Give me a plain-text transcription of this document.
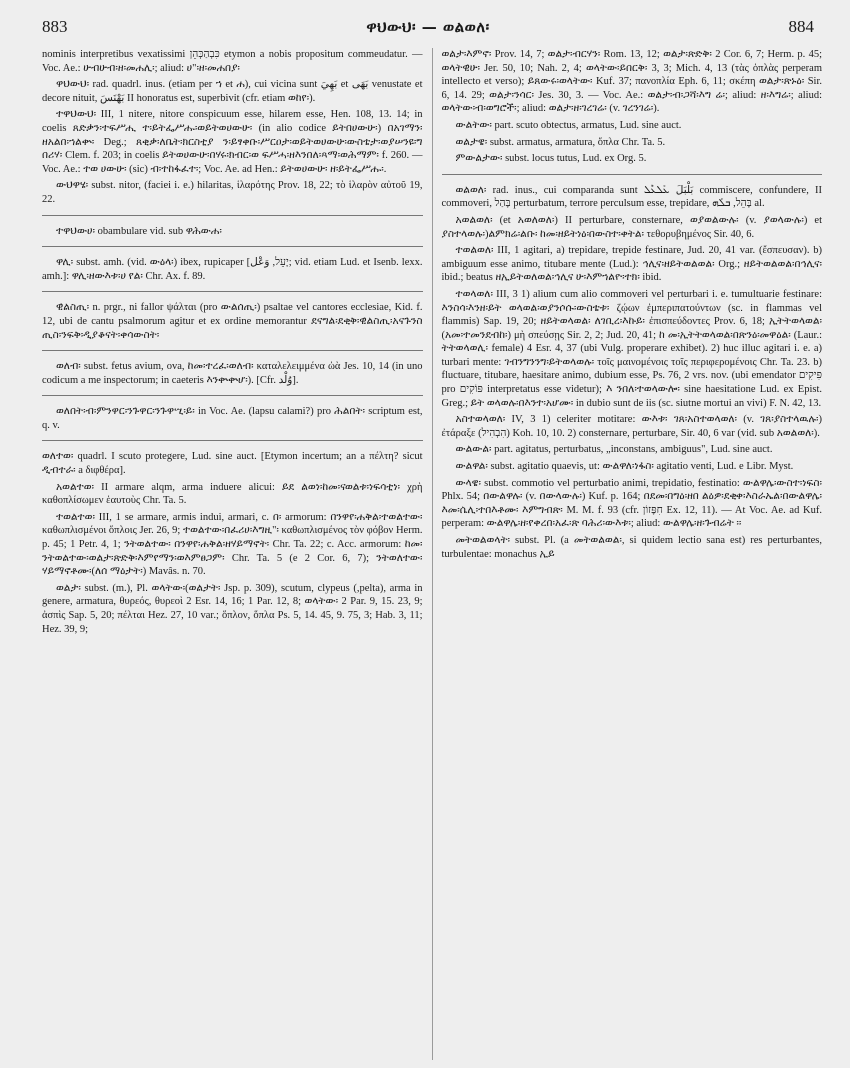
883	ዋህውህ፡ — ወልወለ፡	884

nominis interpretibus vexatissimi כִּבְהַכְּהֵן etymon a nobis propositum commeudatur. — Voc. Ae.: ሁብሁብ፡ዘ፡መሐሊ፡; aliud: ሀ"፡ዘ፡መሐበያ፡

ዋህውህ፡ rad. quadrl. inus. (etiam per ኀ et ሐ), cui vicina sunt بَهِيَ et بَهَى venustate et decore nituit, بَهْنَسَ II honoratus est, superbivit (cfr. etiam ወከየ፡).

ተዋህውህ፡ III, 1 nitere, nitore conspicuum esse, hilarem esse, Hen. 108, 13. 14; in coelis ጸድቃን፡ተፍሥሒ ተ፡ይትፌሥሑ፡ወይትወሀውሁ፡ (in alio codice ይትበሀውሁ፡) በአገማን፡ዘአልበ፡ኀልቍ፡ Deg.; ጸቂቃ፡ለቤት፡ክርስቲያ ን፡ይፃቀቡ፡ሥርዐታ፡ወይትወሀውሁ፡ውስቴታ፡ወያሠንዩ፡ግ በሪሃ፡ Clem. f. 203; in coelis ይትወሀውሁ፡በሃሩ፡ክብር፡ወ ፍሥሓ፡ዘእንበለ፡ጻማ፡ወሕማም፡ f. 260. — Voc. Ae.: ተወ ሀውሁ፡ (sic) ብ፡ተከፋፈተ፡; Voc. Ae. ad Hen.: ይትወሀውሁ፡ ዘ፡ይትፌሥሑ፡.

ውህዋሄ፡ subst. nitor, (faciei i. e.) hilaritas, ἱλαρότης Prov. 18, 22; τὸ ἱλαρὸν αὐτοῦ 19, 22.

ተዋህውሀ፡ obambulare vid. sub ዋሕውሐ፡

ዋሊ፡ subst. amh. (vid. ውዕላ፡) ibex, rupicaper [יָעֵל, وَعْل; vid. etiam Lud. et Isenb. lexx. amh.]: ዋሊ፡ዘውእቱ፡ሀ የል፡ Chr. Ax. f. 89.

ዊልስጢ፡ n. prgr., ni fallor ψάλται (pro ውልሰጢ፡) psaltae vel cantores ecclesiae, Kid. f. 12, ubi de cantu psalmorum agitur et ex ordine memorantur ደናግል፡ደቂቅ፡ዊልስጢ፡አናጉንስ ጢስ፡ንፍቅ፡ዲያቆናት፡ቀሳውስት፡

ወለብ፡ subst. fetus avium, ova, ከመ፡ተረፈ፡ወለብ፡ καταλελειμμένα ὠὰ Jes. 10, 14 (in uno codicum a me inspectorum; in caeteris እንቍቍሆ፡). [Cfr. وُلْد].

ወለበት፡ብ፡ምንዋር፡ንጉዋር፡ንጉዋሢ፡ይ፡ in Voc. Ae. (lapsu calami?) pro ሕልበት፡ scriptum est, q. v.

ወለተወ፡ quadrl. I scuto protegere, Lud. sine auct. [Etymon incertum; an a πέλτη? sicut ዲብተራ፡ a διφθέρα].

አወልተወ፡ II armare alqm, arma induere alicui: ይደ ልወነ፡ከመ፡ናወልቱ፡ነፍሳቲነ፡ χρὴ καθοπλίσωμεν ἑαυτοὺς Chr. Ta. 5.

ተወልተወ፡ III, 1 se armare, armis indui, armari, c. በ፡ armorum: በንዋየ፡ሐቅል፡ተወልተው፡ καθωπλισμένοι ὅπλοις Jer. 26, 9; ተወልተው፡በፈሪሀ፡እግዚ"፡ καθωπλισμένος τὸν φόβον Herm. p. 45; 1 Petr. 4, 1; ንትወልተው፡ በንዋየ፡ሐቅል፡ዘሃይማኖት፡ Chr. Ta. 22; c. Acc. armorum: ከመ፡ንትወልተው፡ወልታ፡ጽድቅ፡እምየማን፡ወእምፀጋም፡ Chr. Ta. 5 (e 2 Cor. 6, 7); ንትወለተው፡ሃይማኖቶሙ፡(ለሰ ማዕታት፡) Mavâs. n. 70.

ወልታ፡ subst. (m.), Pl. ወላትው፡(ወልታት፡ Jsp. p. 309), scutum, clypeus (,pelta), arma in genere, armatura, θυρεός, θυρεοὶ 2 Esr. 14, 16; 1 Par. 12, 8; ወላትው፡ 2 Par. 9, 15. 23, 9; ἀσπὶς Sap. 5, 20; πέλται Hez. 27, 10 var.; ὅπλον, ὅπλα Ps. 5, 14. 45, 9. 75, 3; Hab. 3, 11; Hez. 39, 9;

ወልታ፡እምኖ፡ Prov. 14, 7; ወልታ፡ብርሃን፡ Rom. 13, 12; ወልታ፡ጽድቅ፡ 2 Cor. 6, 7; Herm. p. 45; ወላትዊሁ፡ Jer. 50, 10; Nah. 2, 4; ወላትው፡ይበርቅ፡ 3, 3; Mich. 4, 13 (τὰς ὁπλὰς perperam intellecto et verso); ይጸውሩ፡ወላትው፡ Kuf. 37; πανοπλία Eph. 6, 11; σκέπη ወልታ፡ጽኑዕ፡ Sir. 6, 14. 29; ወልታ፡ንሳር፡ Jes. 30, 3. — Voc. Ae.: ወልታ፡ብ፡ጋሻ፡እግ ሬ፡; aliud: ዘ፡እግሬ፡; aliud: ወላትው፡ብ፡ወግሮች፡; aliud: ወልታ፡ዘ፡ገረገሬ፡ (v. ገረንገሬ፡).

ውልትው፡ part. scuto obtectus, armatus, Lud. sine auct.

ወልታዌ፡ subst. armatus, armatura, ὅπλα Chr. Ta. 5.

ምውልታው፡ subst. locus tutus, Lud. ex Org. 5.

ወልወለ፡ rad. inus., cui comparanda sunt بَلْبَلَ ܥܰܠܥܶܠ commiscere, confundere, II commoveri, בָּהַל perturbatum, terrore perculsum esse, trepidare, בָּהֵל, ܒܠܰܗ al.

አወልወለ፡ (et አወለወለ፡) II perturbare, consternare, ወያወልውሉ፡ (v. ያወላውሉ፡) et ያስተላወሉ፡)ልምክሬ፡ልቡ፡ ከመ፡ዘይትነዕ፡በውስተ፡ቀትል፡ τεθορυβημένος Sir. 40, 6.

ተወልወለ፡ III, 1 agitari, a) trepidare, trepide festinare, Jud. 20, 41 var. (ἔσπευσαν). b) ambiguum esse animo, titubare mente (Lud.): ኅሊና፡ዘይትወልወል፡ Org.; ዘይትወልወል፡በኅሊና፡ ibid.; beatus ዘኢይትወለወል፡ኅሊና ሁ፡እምኀልዮ፡ተክ፡ ibid.

ተወላወለ፡ III, 3 1) alium cum alio commoveri vel perturbari i. e. tumultuarie festinare: እንስሳ፡እንዘ፡ይት ወላወል፡ወያንሶሱ፡ውስቴቱ፡ ζῴων ἐμπεριπατούντων (sc. in flammas vel flammis) Sap. 19, 20; ዘይትወላወል፡ ለገቢረ፡እኩይ፡ ἐπισπεύδοντες Prov. 6, 18; ኢትትወላወል፡ (አመ፡ተመንደብከ፡) μὴ σπεύσῃς Sir. 2, 2; Jud. 20, 41; ከ መ፡ኢትትወላወል፡በጽንዕ፡መዋዕል፡ (Laur.: ትትወላወሊ፡ female) 4 Esr. 4, 37 (ubi Vulg. properare exhibet). 2) huc illuc agitari i. e. a) turbari mente: ገብንግንንግ፡ይትወላወሉ፡ τοῖς μαινομένοις τοῖς περιφερομένοις Chr. Ta. 23. b) fluctuare, titubare, haesitare animo, dubium esse, Ps. 76, 2 vrs. nov. (ubi emendator פִּיקִים pro פּוֹקִים interpretatus esse videtur); እ ንበለ፡ተወላውሎ፡ sine haesitatione Lud. ex Epist. Greg.; ይት ወላወሉ፡በእንተ፡አሆሙ፡ in dubio sunt de iis (sc. siutne mortui an vivi) F. N. 42, 13.

አስተወላወለ፡ IV, 3 1) celeriter motitare: ውእቱ፡ ገጸ፡አስተወላወለ፡ (v. ገጸ፡ያስተላዉሉ፡) ἐτάραξε (הִבְהִיל) Koh. 10, 10. 2) consternare, perturbare, Sir. 40, 6 var (vid. sub አወልወለ፡).

ውልውል፡ part. agitatus, perturbatus, „inconstans, ambiguus", Lud. sine auct.

ውልዋል፡ subst. agitatio quaevis, ut: ውልዋለ፡ነፋስ፡ agitatio venti, Lud. e Libr. Myst.

ውላዌ፡ subst. commotio vel perturbatio animi, trepidatio, festinatio: ውልዋሌ፡ውስተ፡ነፍስ፡ Phlx. 54; በውልዋሉ፡ (v. በውላውሉ፡) Kuf. p. 164; በደመ፡በግዕ፡ዘበ ልዕዎ፡ደቂቀ፡እስራኤል፡በውልዋሌ፡ እመ፡ሴሊ፡ተበእቶሙ፡ እምግብጽ፡ M. M. f. 93 (cfr. חִפָּזוֹן Ex. 12, 11). — At Voc. Ae. ad Kuf. perperam: ውልዋሌ፡ዘ፡የቀረበ፡አፈ፡ጽ ባሕሪ፡ውእቱ፡; aliud: ውልዋሌ፡ዘ፡ጉብሬት ፡፡

መትወልወላት፡ subst. Pl. (a መትወልወል፡, si quidem lectio sana est) res perturbantes, turbulentae: monachus ኢይ
